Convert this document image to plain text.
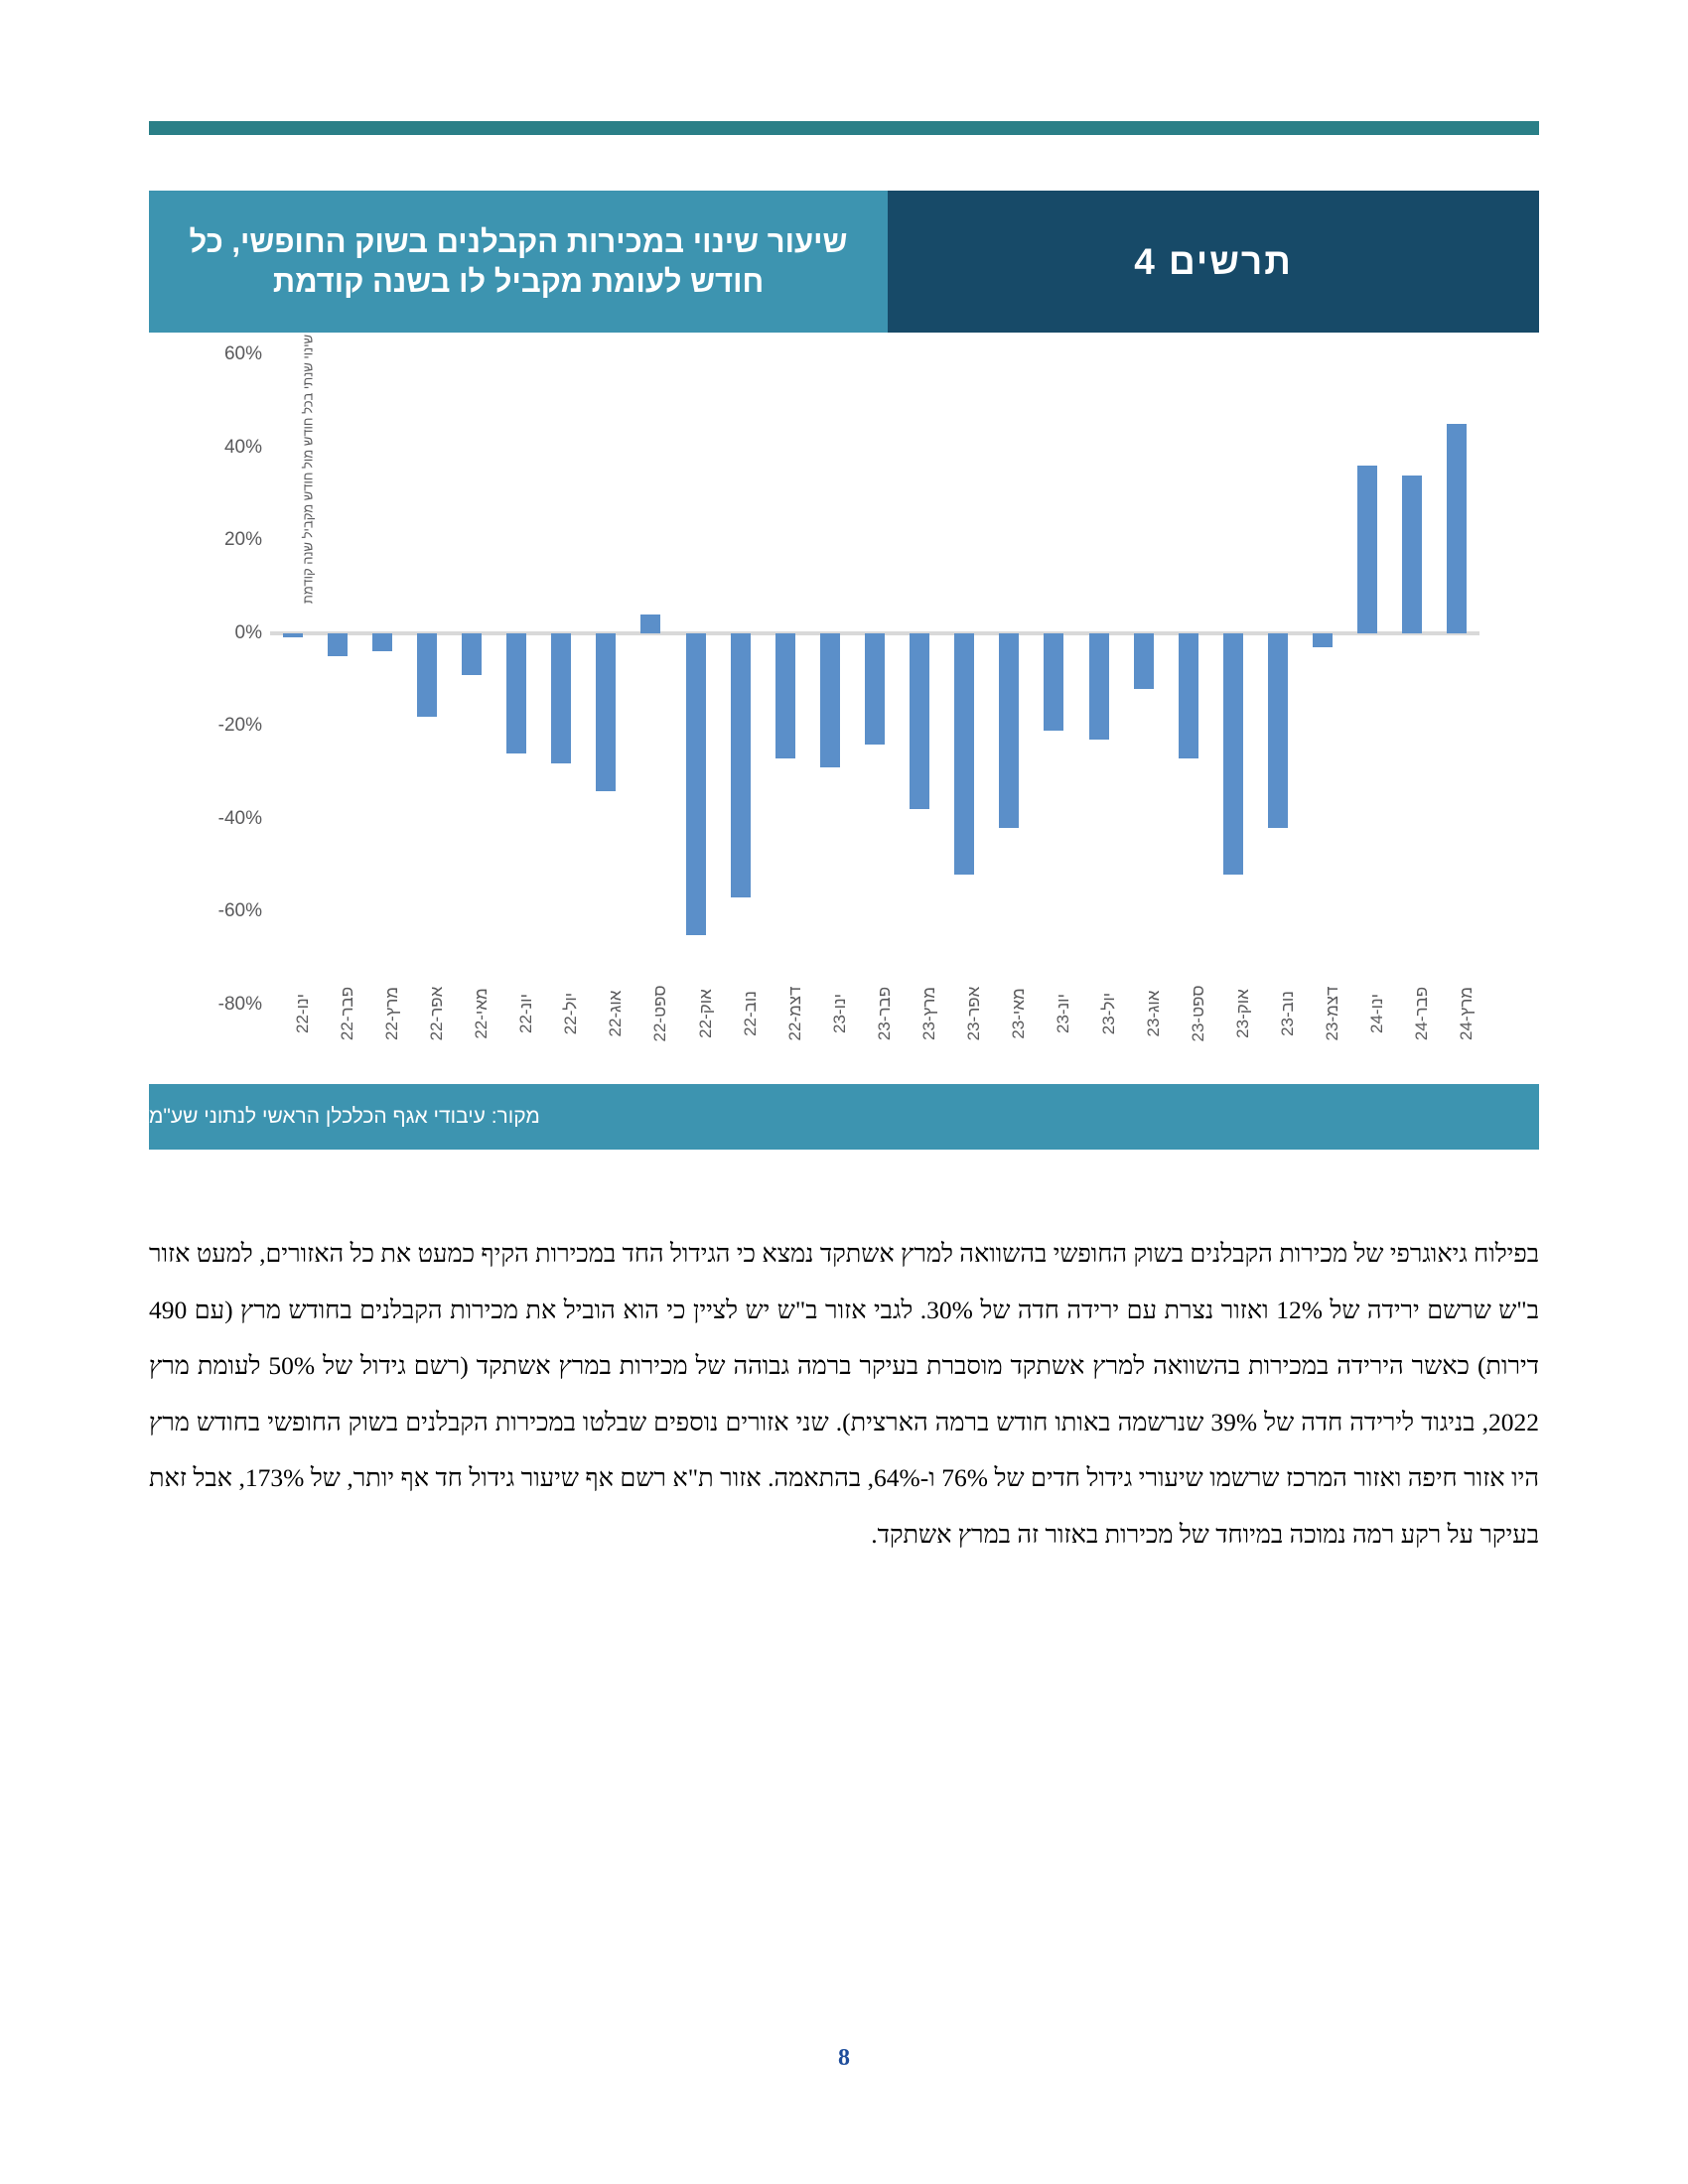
שיעור שינוי במכירות הקבלנים בשוק החופשי, כל חודש לעומת מקביל לו בשנה קודמת	תרשים 4
שינוי שנתי בכל חודש מול חודש מקביל שנה קודמת
60%
40%
20%
0%
-20%
-40%
-60%
-80%
ינו-22
פבר-22
מרץ-22
אפר-22
מאי-22
יונ-22
יול-22
אוג-22
ספט-22
אוק-22
נוב-22
דצמ-22
ינו-23
פבר-23
מרץ-23
אפר-23
מאי-23
יונ-23
יול-23
אוג-23
ספט-23
אוק-23
נוב-23
דצמ-23
ינו-24
פבר-24
מרץ-24
מקור: עיבודי אגף הכלכלן הראשי לנתוני שע"מ
בפילוח גיאוגרפי של מכירות הקבלנים בשוק החופשי בהשוואה למרץ אשתקד נמצא כי הגידול החד במכירות הקיף כמעט את כל האזורים, למעט אזור ב"ש שרשם ירידה של 12% ואזור נצרת עם ירידה חדה של 30%. לגבי אזור ב"ש יש לציין כי הוא הוביל את מכירות הקבלנים בחודש מרץ (עם 490 דירות) כאשר הירידה במכירות בהשוואה למרץ אשתקד מוסברת בעיקר ברמה גבוהה של מכירות במרץ אשתקד (רשם גידול של 50% לעומת מרץ 2022, בניגוד לירידה חדה של 39% שנרשמה באותו חודש ברמה הארצית). שני אזורים נוספים שבלטו במכירות הקבלנים בשוק החופשי בחודש מרץ היו אזור חיפה ואזור המרכז שרשמו שיעורי גידול חדים של 76% ו-64%, בהתאמה. אזור ת"א רשם אף שיעור גידול חד אף יותר, של 173%, אבל זאת בעיקר על רקע רמה נמוכה במיוחד של מכירות באזור זה במרץ אשתקד.
8
